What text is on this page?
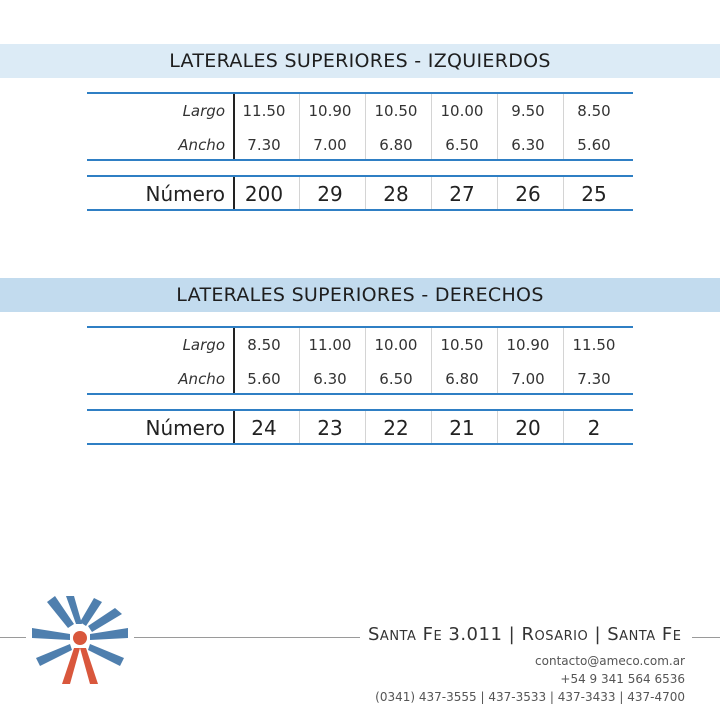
LATERALES SUPERIORES - IZQUIERDOS
Largo	11.50	10.90	10.50	10.00	9.50	8.50
Ancho	7.30	7.00	6.80	6.50	6.30	5.60
Número 200	29	28	27	26	25
LATERALES SUPERIORES - DERECHOS
Largo	8.50	11.00	10.00	10.50	10.90	11.50
Ancho	5.60	6.30	6.50	6.80	7.00	7.30
Número	24	23	22	21	20	2
Santa Fe 3.011 | Rosario | Santa Fe
contacto@ameco.com.ar
+54 9 341 564 6536
(0341) 437-3555 | 437-3533 | 437-3433 | 437-4700
